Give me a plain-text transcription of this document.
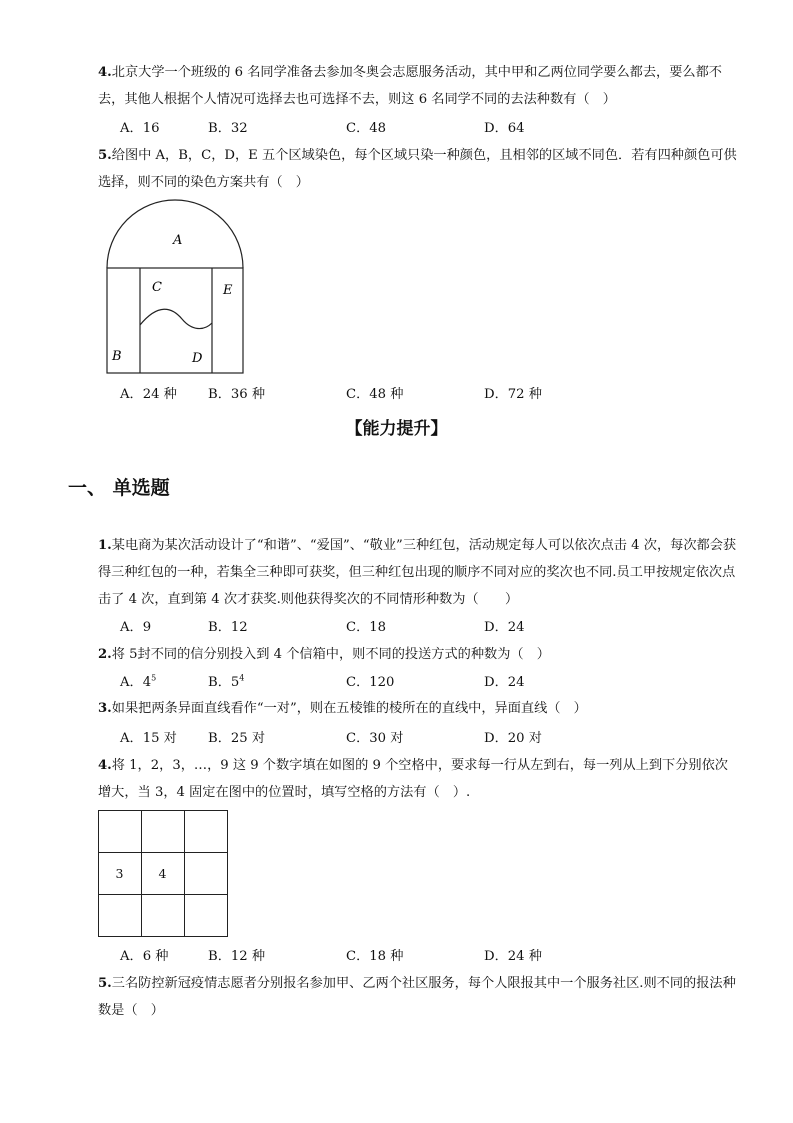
4.北京大学一个班级的 6 名同学准备去参加冬奥会志愿服务活动，其中甲和乙两位同学要么都去，要么都不去，其他人根据个人情况可选择去也可选择不去，则这 6 名同学不同的去法种数有（　）
A．16	B．32	C．48	D．64
5.给图中 A，B，C，D，E 五个区域染色，每个区域只染一种颜色，且相邻的区域不同色．若有四种颜色可供选择，则不同的染色方案共有（　）
A
B
C
D
E
A．24 种 B．36 种	C．48 种	D．72 种
【能力提升】
一、 单选题
1.某电商为某次活动设计了“和谐”、“爱国”、“敬业”三种红包，活动规定每人可以依次点击 4 次，每次都会获得三种红包的一种，若集全三种即可获奖，但三种红包出现的顺序不同对应的奖次也不同.员工甲按规定依次点击了 4 次，直到第 4 次才获奖.则他获得奖次的不同情形种数为（　　）
A．9	B．12	C．18	D．24
2.将 5封不同的信分别投入到 4 个信箱中，则不同的投送方式的种数为（　）
A．$4^5$	B．$5^4$	C．120	D．24
3.如果把两条异面直线看作“一对”，则在五棱锥的棱所在的直线中，异面直线（　）
A．15 对 B．25 对	C．30 对	D．20 对
4.将 1，2，3，…，9 这 9 个数字填在如图的 9 个空格中，要求每一行从左到右，每一列从上到下分别依次增大，当 3，4 固定在图中的位置时，填写空格的方法有（　）.
3	4
A．6 种	B．12 种	C．18 种	D．24 种
5.三名防控新冠疫情志愿者分别报名参加甲、乙两个社区服务，每个人限报其中一个服务社区.则不同的报法种数是（　）
